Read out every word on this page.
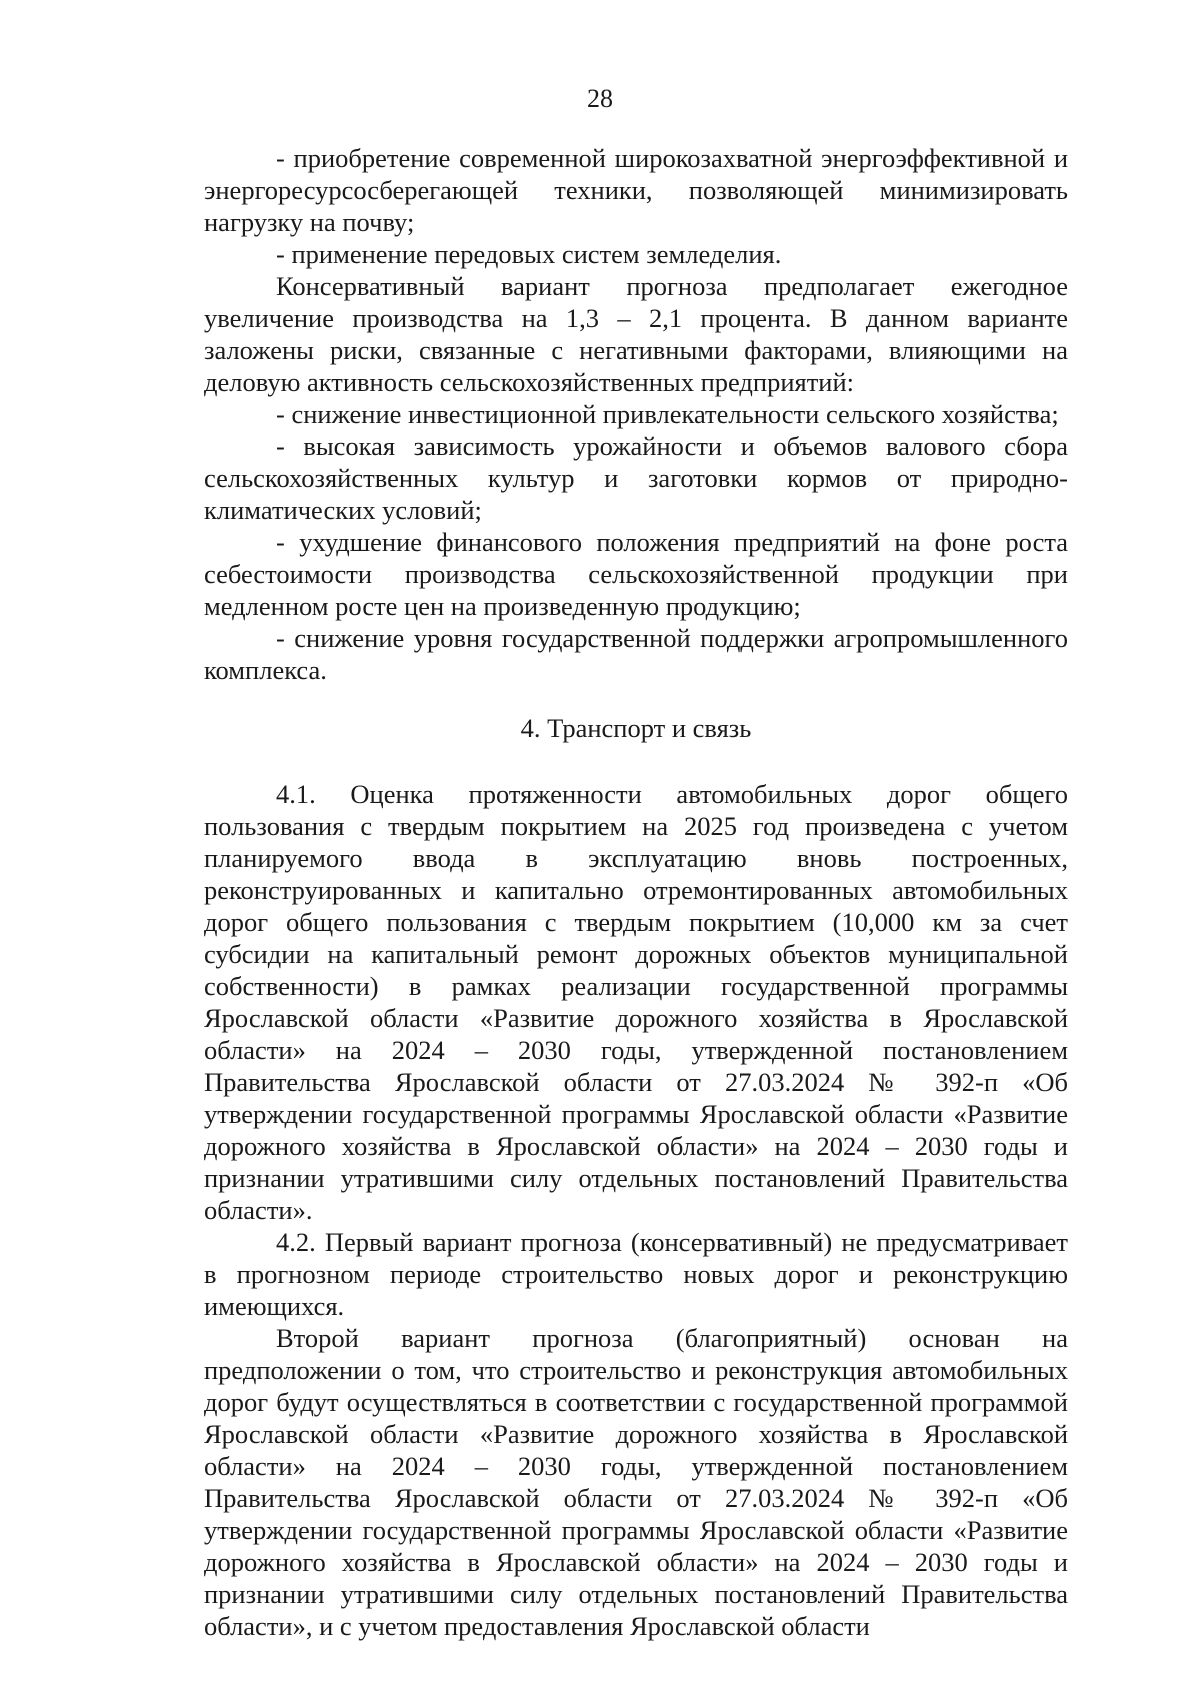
28

- приобретение современной широкозахватной энергоэффективной и энергоресурсосберегающей техники, позволяющей минимизировать нагрузку на почву;

- применение передовых систем земледелия.

Консервативный вариант прогноза предполагает ежегодное увеличение производства на 1,3 – 2,1 процента. В данном варианте заложены риски, связанные с негативными факторами, влияющими на деловую активность сельскохозяйственных предприятий:

- снижение инвестиционной привлекательности сельского хозяйства;

- высокая зависимость урожайности и объемов валового сбора сельскохозяйственных культур и заготовки кормов от природно-климатических условий;

- ухудшение финансового положения предприятий на фоне роста себестоимости производства сельскохозяйственной продукции при медленном росте цен на произведенную продукцию;

- снижение уровня государственной поддержки агропромышленного комплекса.

4. Транспорт и связь

4.1. Оценка протяженности автомобильных дорог общего пользования с твердым покрытием на 2025 год произведена с учетом планируемого ввода в эксплуатацию вновь построенных, реконструированных и капитально отремонтированных автомобильных дорог общего пользования с твердым покрытием (10,000 км за счет субсидии на капитальный ремонт дорожных объектов муниципальной собственности) в рамках реализации государственной программы Ярославской области «Развитие дорожного хозяйства в Ярославской области» на 2024 – 2030 годы, утвержденной постановлением Правительства Ярославской области от 27.03.2024 № 392-п «Об утверждении государственной программы Ярославской области «Развитие дорожного хозяйства в Ярославской области» на 2024 – 2030 годы и признании утратившими силу отдельных постановлений Правительства области».

4.2. Первый вариант прогноза (консервативный) не предусматривает в прогнозном периоде строительство новых дорог и реконструкцию имеющихся.

Второй вариант прогноза (благоприятный) основан на предположении о том, что строительство и реконструкция автомобильных дорог будут осуществляться в соответствии с государственной программой Ярославской области «Развитие дорожного хозяйства в Ярославской области» на 2024 – 2030 годы, утвержденной постановлением Правительства Ярославской области от 27.03.2024 № 392-п «Об утверждении государственной программы Ярославской области «Развитие дорожного хозяйства в Ярославской области» на 2024 – 2030 годы и признании утратившими силу отдельных постановлений Правительства области», и с учетом предоставления Ярославской области
